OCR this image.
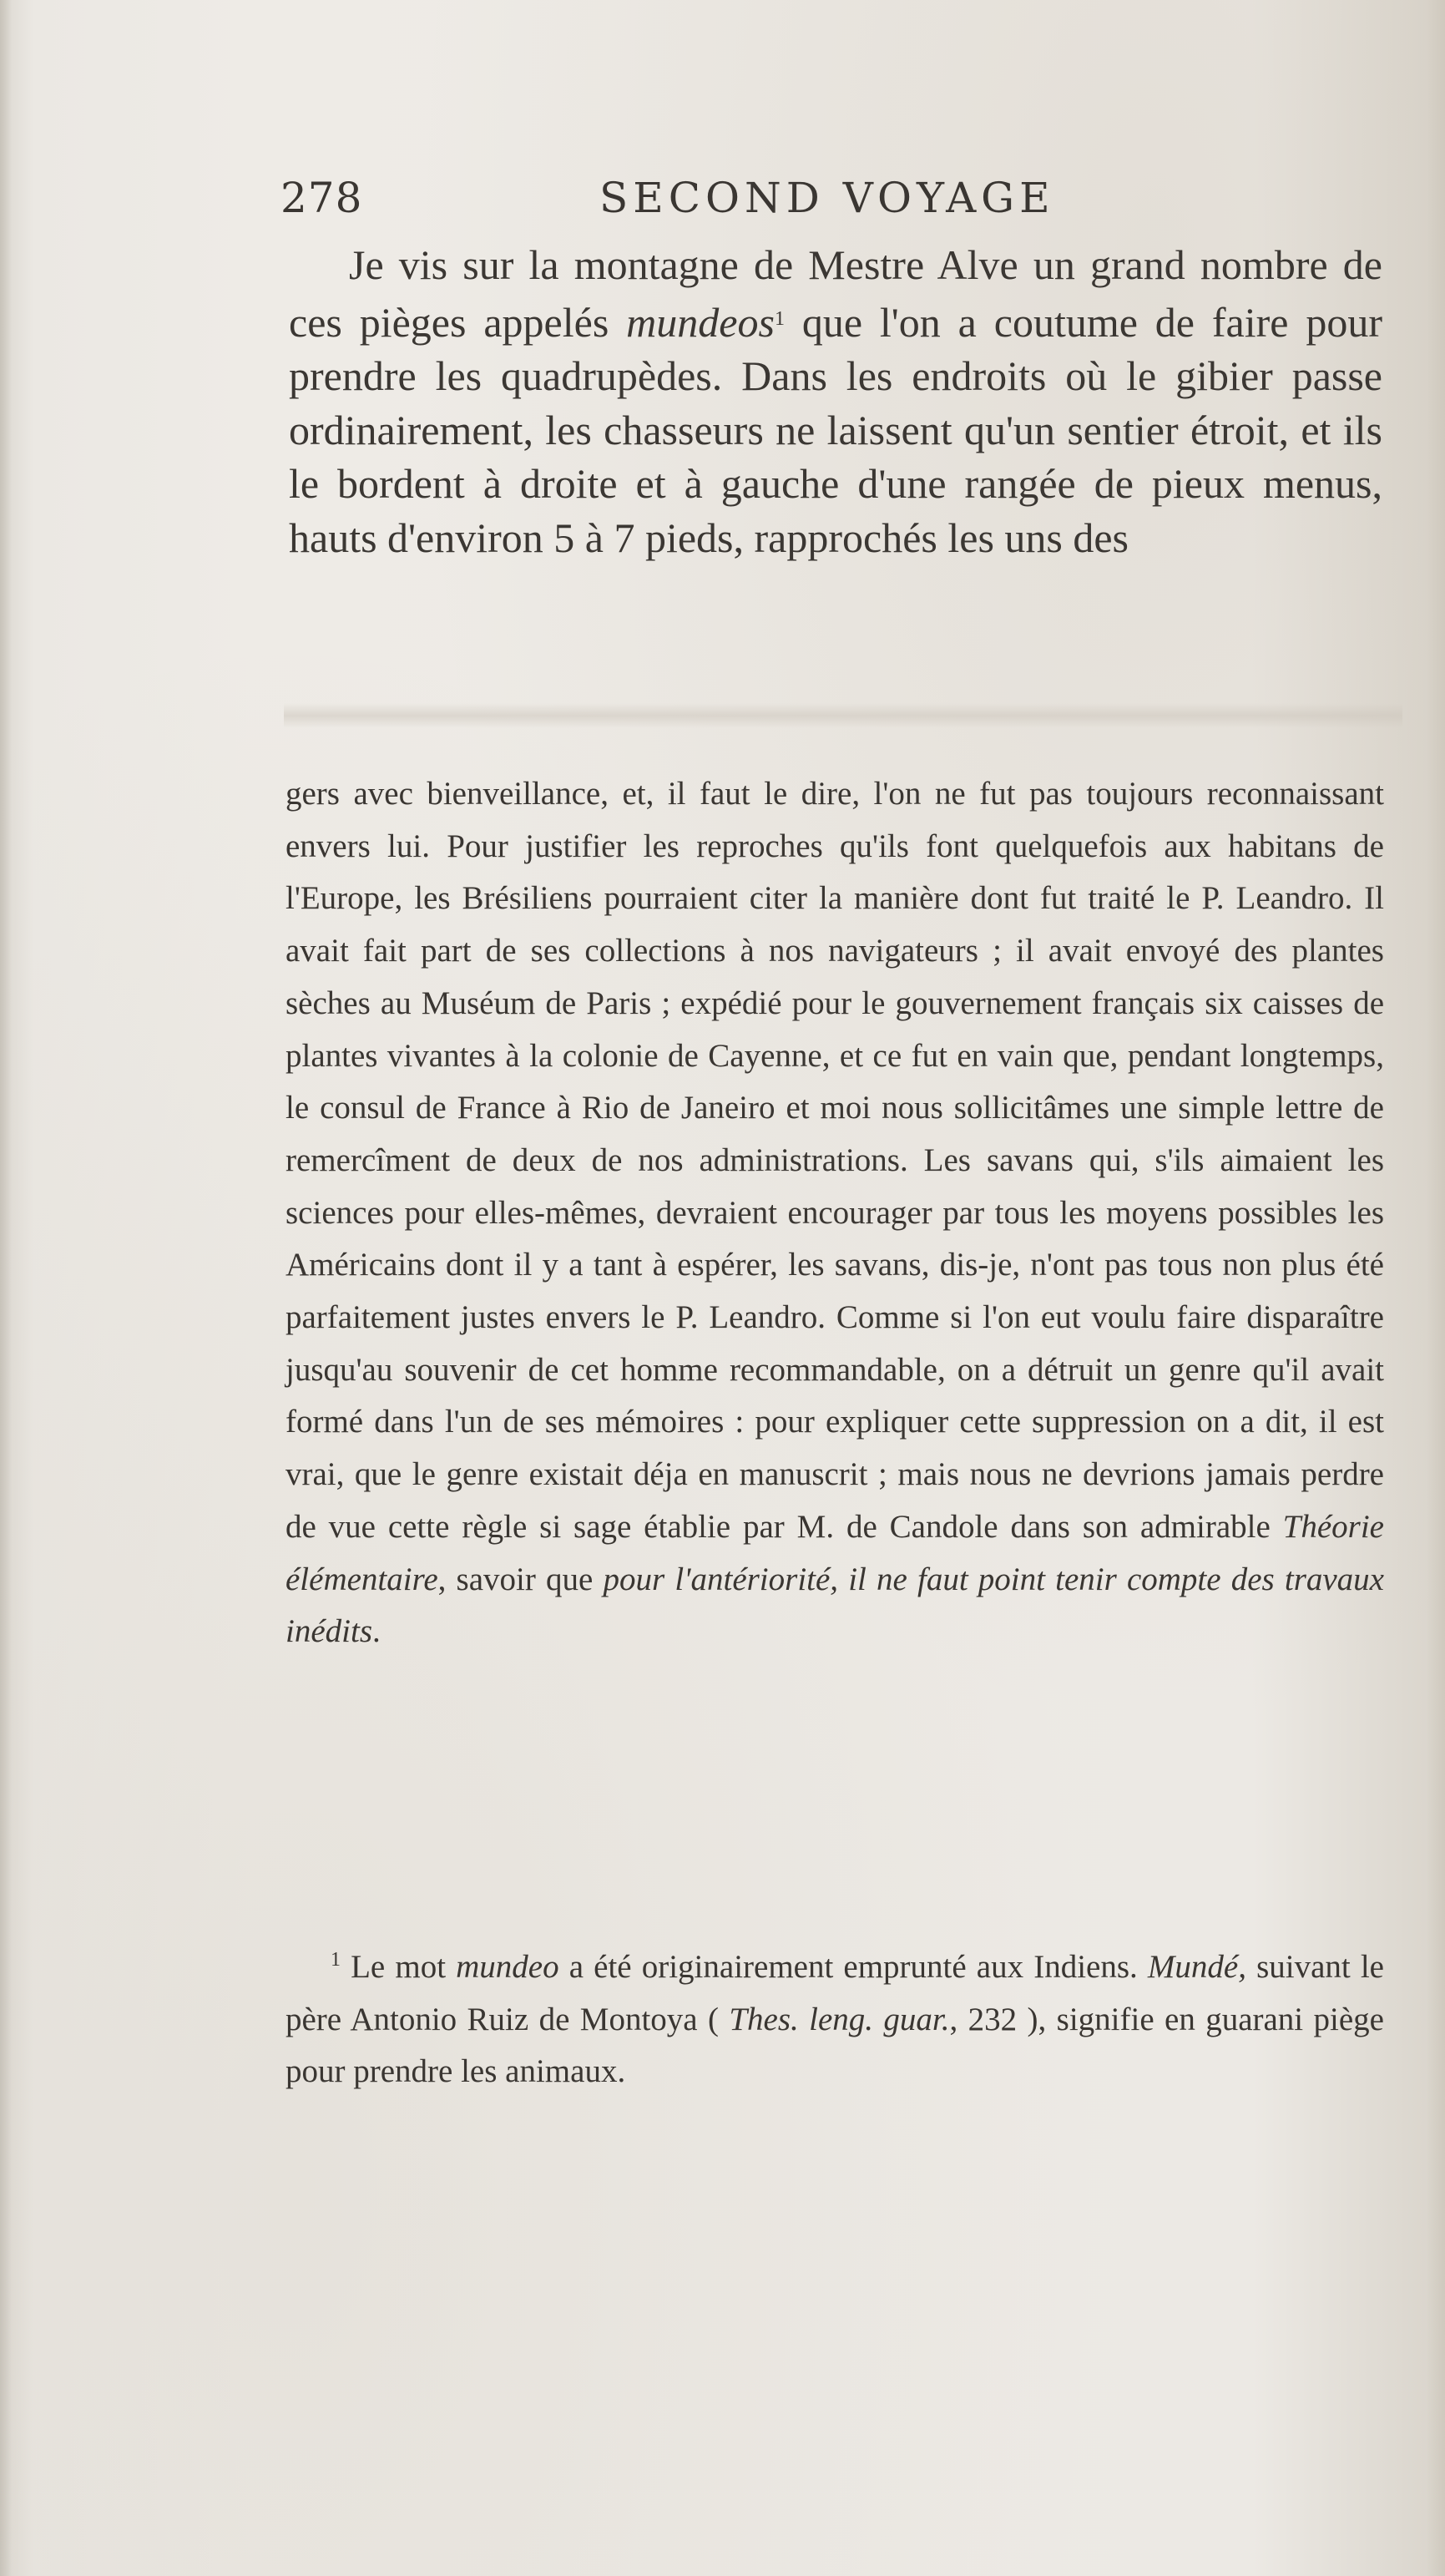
278	SECOND VOYAGE

Je vis sur la montagne de Mestre Alve un grand nombre de ces pièges appelés mundeos$^1$ que l'on a coutume de faire pour prendre les quadrupèdes. Dans les endroits où le gibier passe ordinairement, les chasseurs ne laissent qu'un sentier étroit, et ils le bordent à droite et à gauche d'une rangée de pieux menus, hauts d'environ 5 à 7 pieds, rapprochés les uns des

gers avec bienveillance, et, il faut le dire, l'on ne fut pas toujours reconnaissant envers lui. Pour justifier les reproches qu'ils font quelquefois aux habitans de l'Europe, les Brésiliens pourraient citer la manière dont fut traité le P. Leandro. Il avait fait part de ses collections à nos navigateurs ; il avait envoyé des plantes sèches au Muséum de Paris ; expédié pour le gouvernement français six caisses de plantes vivantes à la colonie de Cayenne, et ce fut en vain que, pendant longtemps, le consul de France à Rio de Janeiro et moi nous sollicitâmes une simple lettre de remercîment de deux de nos administrations. Les savans qui, s'ils aimaient les sciences pour elles-mêmes, devraient encourager par tous les moyens possibles les Américains dont il y a tant à espérer, les savans, dis-je, n'ont pas tous non plus été parfaitement justes envers le P. Leandro. Comme si l'on eut voulu faire disparaître jusqu'au souvenir de cet homme recommandable, on a détruit un genre qu'il avait formé dans l'un de ses mémoires : pour expliquer cette suppression on a dit, il est vrai, que le genre existait déja en manuscrit ; mais nous ne devrions jamais perdre de vue cette règle si sage établie par M. de Candole dans son admirable Théorie élémentaire, savoir que pour l'antériorité, il ne faut point tenir compte des travaux inédits.

$^1$ Le mot mundeo a été originairement emprunté aux Indiens. Mundé, suivant le père Antonio Ruiz de Montoya ( Thes. leng. guar., 232 ), signifie en guarani piège pour prendre les animaux.
